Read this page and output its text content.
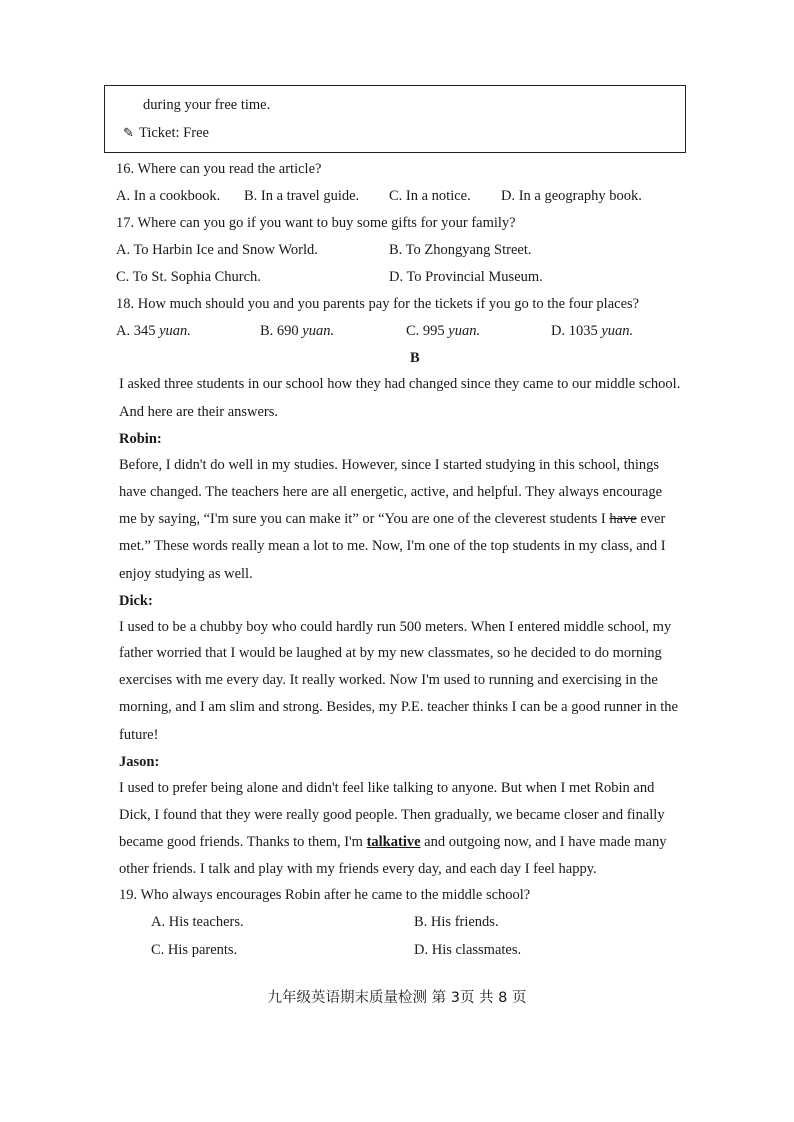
during your free time.
✎ Ticket: Free
16. Where can you read the article?
A. In a cookbook. B. In a travel guide. C. In a notice. D. In a geography book.
17. Where can you go if you want to buy some gifts for your family?
A. To Harbin Ice and Snow World.	B. To Zhongyang Street.
C. To St. Sophia Church.	D. To Provincial Museum.
18. How much should you and you parents pay for the tickets if you go to the four places?
A. 345 yuan.	B. 690 yuan.	C. 995 yuan.	D. 1035 yuan.
B
I asked three students in our school how they had changed since they came to our middle school.
And here are their answers.
Robin:
Before, I didn't do well in my studies. However, since I started studying in this school, things
have changed. The teachers here are all energetic, active, and helpful. They always encourage
me by saying, “I'm sure you can make it” or “You are one of the cleverest students I have ever
met.” These words really mean a lot to me. Now, I'm one of the top students in my class, and I
enjoy studying as well.
Dick:
I used to be a chubby boy who could hardly run 500 meters. When I entered middle school, my
father worried that I would be laughed at by my new classmates, so he decided to do morning
exercises with me every day. It really worked. Now I'm used to running and exercising in the
morning, and I am slim and strong. Besides, my P.E. teacher thinks I can be a good runner in the
future!
Jason:
I used to prefer being alone and didn't feel like talking to anyone. But when I met Robin and
Dick, I found that they were really good people. Then gradually, we became closer and finally
became good friends. Thanks to them, I'm talkative and outgoing now, and I have made many
other friends. I talk and play with my friends every day, and each day I feel happy.
19. Who always encourages Robin after he came to the middle school?
A. His teachers.	B. His friends.
C. His parents.	D. His classmates.
九年级英语期末质量检测 第 3页 共 8 页
